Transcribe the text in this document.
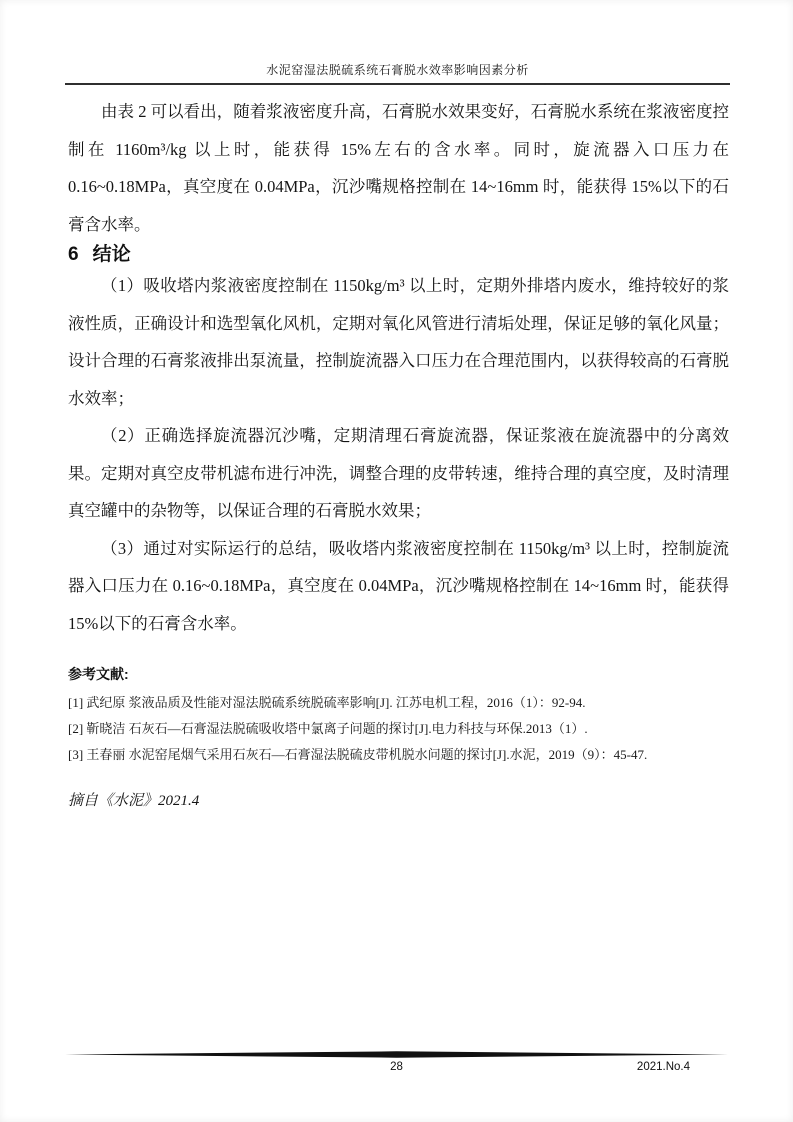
水泥窑湿法脱硫系统石膏脱水效率影响因素分析

由表 2 可以看出，随着浆液密度升高，石膏脱水效果变好，石膏脱水系统在浆液密度控制在 1160m³/kg 以上时，能获得 15%左右的含水率。同时，旋流器入口压力在 0.16~0.18MPa，真空度在 0.04MPa，沉沙嘴规格控制在 14~16mm 时，能获得 15%以下的石膏含水率。

6 结论

（1）吸收塔内浆液密度控制在 1150kg/m³ 以上时，定期外排塔内废水，维持较好的浆液性质，正确设计和选型氧化风机，定期对氧化风管进行清垢处理，保证足够的氧化风量；设计合理的石膏浆液排出泵流量，控制旋流器入口压力在合理范围内，以获得较高的石膏脱水效率；

（2）正确选择旋流器沉沙嘴，定期清理石膏旋流器，保证浆液在旋流器中的分离效果。定期对真空皮带机滤布进行冲洗，调整合理的皮带转速，维持合理的真空度，及时清理真空罐中的杂物等，以保证合理的石膏脱水效果；

（3）通过对实际运行的总结，吸收塔内浆液密度控制在 1150kg/m³ 以上时，控制旋流器入口压力在 0.16~0.18MPa，真空度在 0.04MPa，沉沙嘴规格控制在 14~16mm 时，能获得 15%以下的石膏含水率。

参考文献:

[1] 武纪原 浆液品质及性能对湿法脱硫系统脱硫率影响[J]. 江苏电机工程，2016（1）：92-94.

[2] 靳晓洁 石灰石—石膏湿法脱硫吸收塔中氯离子问题的探讨[J].电力科技与环保.2013（1）.

[3] 王春丽 水泥窑尾烟气采用石灰石—石膏湿法脱硫皮带机脱水问题的探讨[J].水泥，2019（9）：45-47.

摘自《水泥》2021.4

28	2021.No.4
